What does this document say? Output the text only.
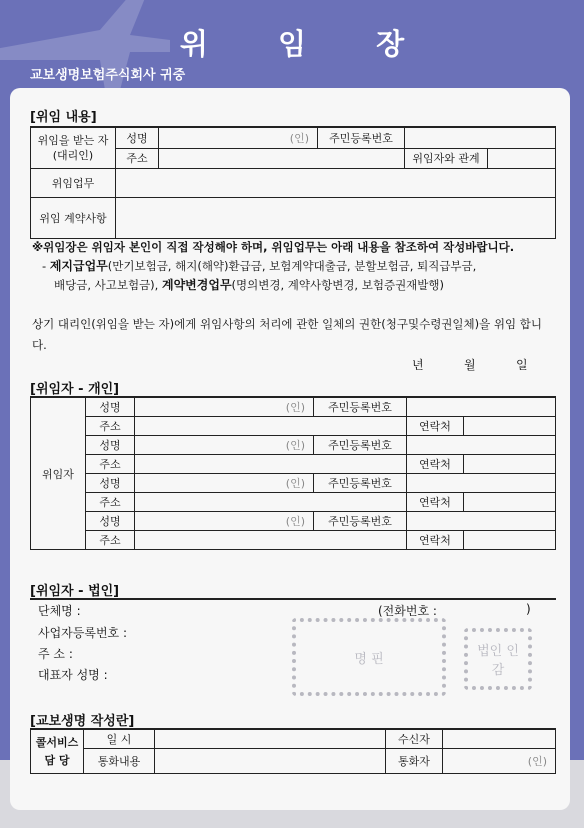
위 임 장
교보생명보험주식회사 귀중
[위임 내용]
위임을 받는 자
(대리인)	성명	(인)	주민등록번호		
	주소			위임자와 관계	
위임업무					
위임 계약사항					
※위임장은 위임자 본인이 직접 작성해야 하며, 위임업무는 아래 내용을 참조하여 작성바랍니다.
- 제지급업무(만기보험금, 해지(해약)환급금, 보험계약대출금, 분할보험금, 퇴직급부금,
배당금, 사고보험금), 계약변경업무(명의변경, 계약사항변경, 보험증권재발행)
상기 대리인(위임을 받는 자)에게 위임사항의 처리에 관한 일체의 권한(청구및수령권일체)을 위임 합니다.
년	월	일
[위임자 - 개인]
위임자	성명	(인)	주민등록번호		
	주소			연락처	
	성명	(인)	주민등록번호		
	주소			연락처	
	성명	(인)	주민등록번호		
	주소			연락처	
	성명	(인)	주민등록번호		
	주소			연락처	
[위임자 - 법인]
단체명 :	(전화번호 :	)
사업자등록번호 :
주 소 :
대표자 성명 :
명 핀	법인 인감
[교보생명 작성란]
콜서비스
담 당	일 시		수신자	
	통화내용		통화자	(인)
